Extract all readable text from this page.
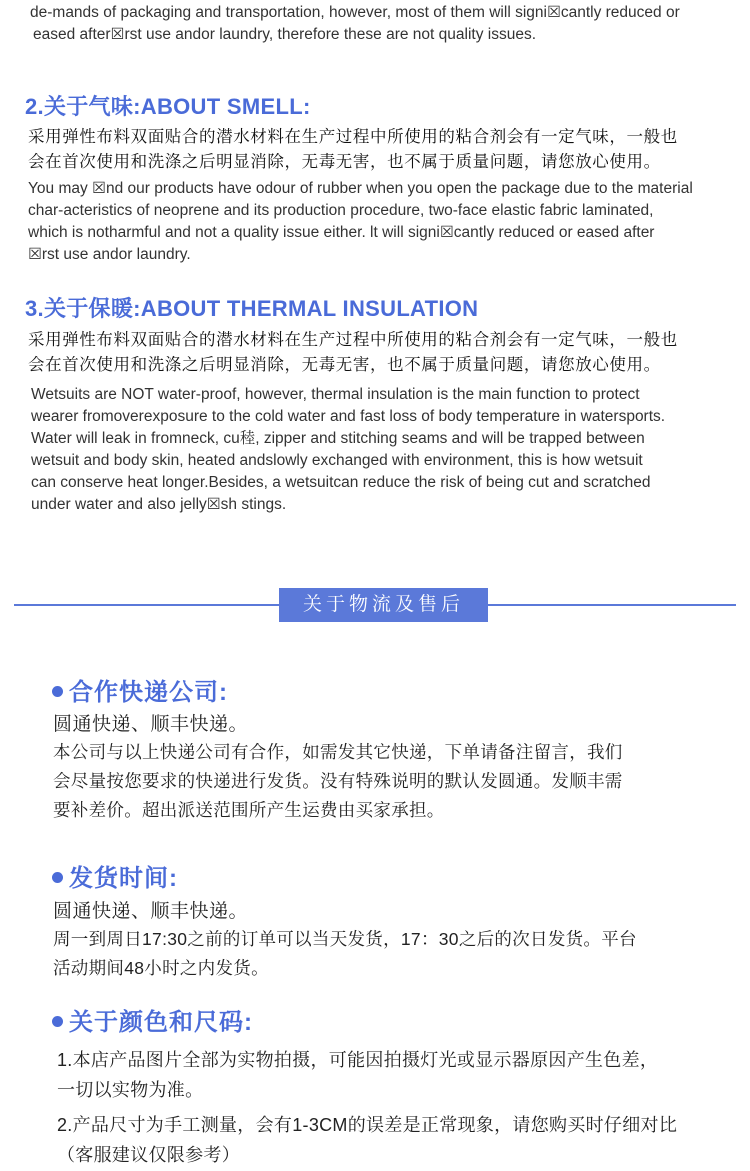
de-mands of packaging and transportation, however, most of them will signi☒cantly reduced or
eased after☒rst use andor laundry, therefore these are not quality issues.
2.关于气味:ABOUT SMELL:
采用弹性布料双面贴合的潜水材料在生产过程中所使用的粘合剂会有一定气味，一般也
会在首次使用和洗涤之后明显消除，无毒无害，也不属于质量问题，请您放心使用。
You may ☒nd our products have odour of rubber when you open the package due to the material
char-acteristics of neoprene and its production procedure, two-face elastic fabric laminated,
which is notharmful and not a quality issue either. lt will signi☒cantly reduced or eased after
☒rst use andor laundry.
3.关于保暖:ABOUT THERMAL INSULATION
采用弹性布料双面贴合的潜水材料在生产过程中所使用的粘合剂会有一定气味，一般也
会在首次使用和洗涤之后明显消除，无毒无害，也不属于质量问题，请您放心使用。
Wetsuits are NOT water-proof, however, thermal insulation is the main function to protect
wearer fromoverexposure to the cold water and fast loss of body temperature in watersports.
Water will leak in fromneck, cu稑, zipper and stitching seams and will be trapped between
wetsuit and body skin, heated andslowly exchanged with environment, this is how wetsuit
can conserve heat longer.Besides, a wetsuitcan reduce the risk of being cut and scratched
under water and also jelly☒sh stings.
关于物流及售后
合作快递公司:
圆通快递、顺丰快递。
本公司与以上快递公司有合作，如需发其它快递，下单请备注留言，我们
会尽量按您要求的快递进行发货。没有特殊说明的默认发圆通。发顺丰需
要补差价。超出派送范围所产生运费由买家承担。
发货时间:
圆通快递、顺丰快递。
周一到周日17:30之前的订单可以当天发货，17：30之后的次日发货。平台
活动期间48小时之内发货。
关于颜色和尺码:
1.本店产品图片全部为实物拍摄，可能因拍摄灯光或显示器原因产生色差，
一切以实物为准。
2.产品尺寸为手工测量，会有1-3CM的误差是正常现象，请您购买时仔细对比
（客服建议仅限参考）
